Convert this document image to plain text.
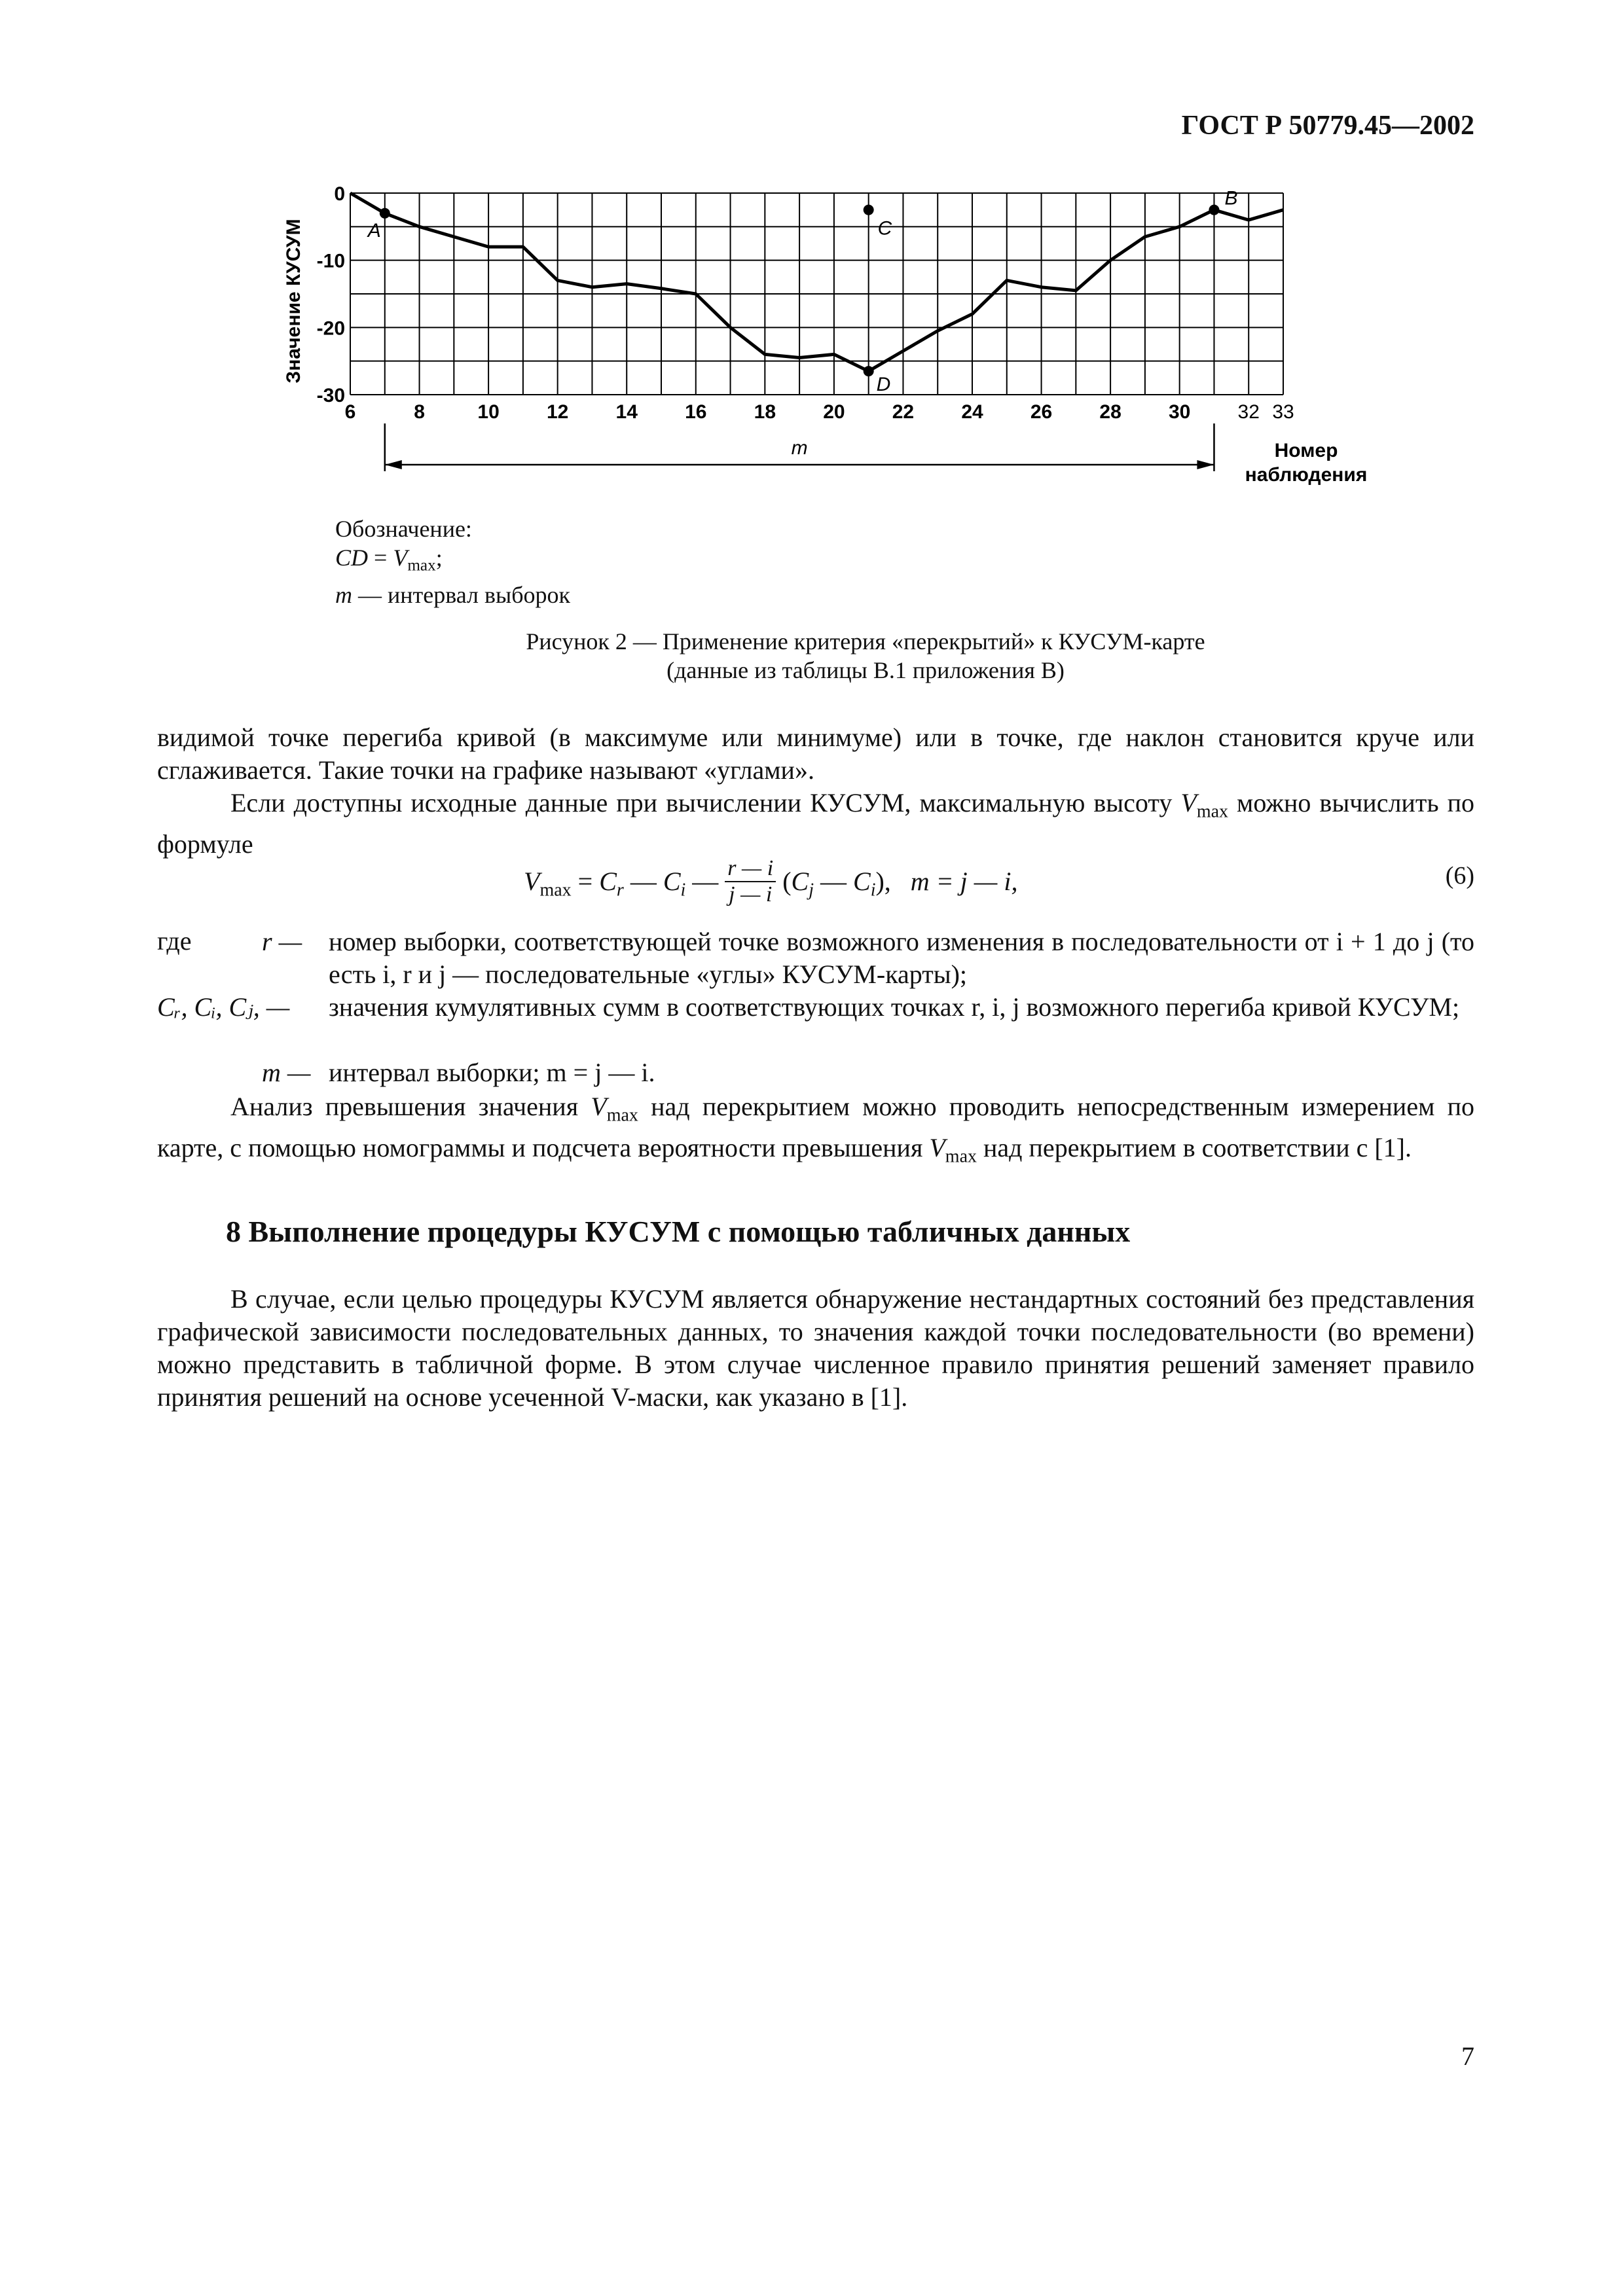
ГОСТ Р 50779.45—2002
0
-10
-20
-30
6	8	10 12 14 16 18 20 22 24 26 28 30 32 33
Значение КУСУМ	A	C
D
B
m	Номер
наблюдения
Обозначение:
CD = $V_{max}$;
m — интервал выборок
Рисунок 2 — Применение критерия «перекрытий» к КУСУМ-карте
(данные из таблицы В.1 приложения В)
видимой точке перегиба кривой (в максимуме или минимуме) или в точке, где наклон становится круче или сглаживается. Такие точки на графике называют «углами».
Если доступны исходные данные при вычислении КУСУМ, максимальную высоту $V_{max}$ можно вычислить по формуле
$V_{max} = C_r$ — $C_i$ — $\frac{r — i}{j — i} (C_j$ — $C_i$), m = j — i,	(6)
где	r —	номер выборки, соответствующей точке возможного изменения в последовательности от i + 1 до j (то есть i, r и j — последовательные «углы» КУСУМ-карты);
Cᵣ, Cᵢ, Cⱼ, —	значения кумулятивных сумм в соответствующих точках r, i, j возможного перегиба кривой КУСУМ;
m — интервал выборки; m = j — i.
Анализ превышения значения $V_{max}$ над перекрытием можно проводить непосредственным измерением по карте, с помощью номограммы и подсчета вероятности превышения $V_{max}$ над перекрытием в соответствии с [1].
8 Выполнение процедуры КУСУМ с помощью табличных данных
В случае, если целью процедуры КУСУМ является обнаружение нестандартных состояний без представления графической зависимости последовательных данных, то значения каждой точки последовательности (во времени) можно представить в табличной форме. В этом случае численное правило принятия решений заменяет правило принятия решений на основе усеченной V-маски, как указано в [1].
7
